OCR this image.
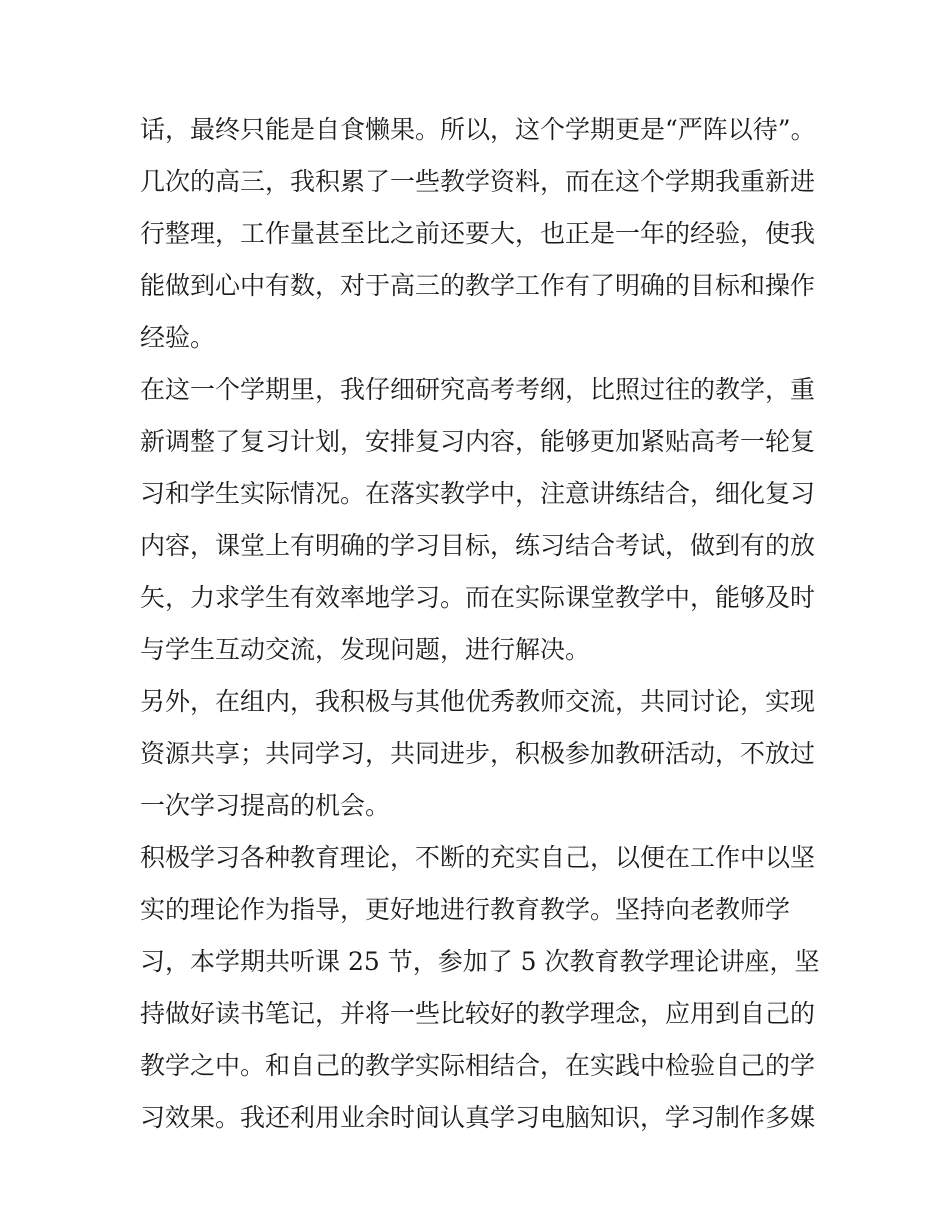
话，最终只能是自食懒果。所以，这个学期更是“严阵以待”。
几次的高三，我积累了一些教学资料，而在这个学期我重新进
行整理，工作量甚至比之前还要大，也正是一年的经验，使我
能做到心中有数，对于高三的教学工作有了明确的目标和操作
经验。
在这一个学期里，我仔细研究高考考纲，比照过往的教学，重
新调整了复习计划，安排复习内容，能够更加紧贴高考一轮复
习和学生实际情况。在落实教学中，注意讲练结合，细化复习
内容，课堂上有明确的学习目标，练习结合考试，做到有的放
矢，力求学生有效率地学习。而在实际课堂教学中，能够及时
与学生互动交流，发现问题，进行解决。
另外，在组内，我积极与其他优秀教师交流，共同讨论，实现
资源共享；共同学习，共同进步，积极参加教研活动，不放过
一次学习提高的机会。
积极学习各种教育理论，不断的充实自己，以便在工作中以坚
实的理论作为指导，更好地进行教育教学。坚持向老教师学
习，本学期共听课 25 节，参加了 5 次教育教学理论讲座，坚
持做好读书笔记，并将一些比较好的教学理念，应用到自己的
教学之中。和自己的教学实际相结合，在实践中检验自己的学
习效果。我还利用业余时间认真学习电脑知识，学习制作多媒
